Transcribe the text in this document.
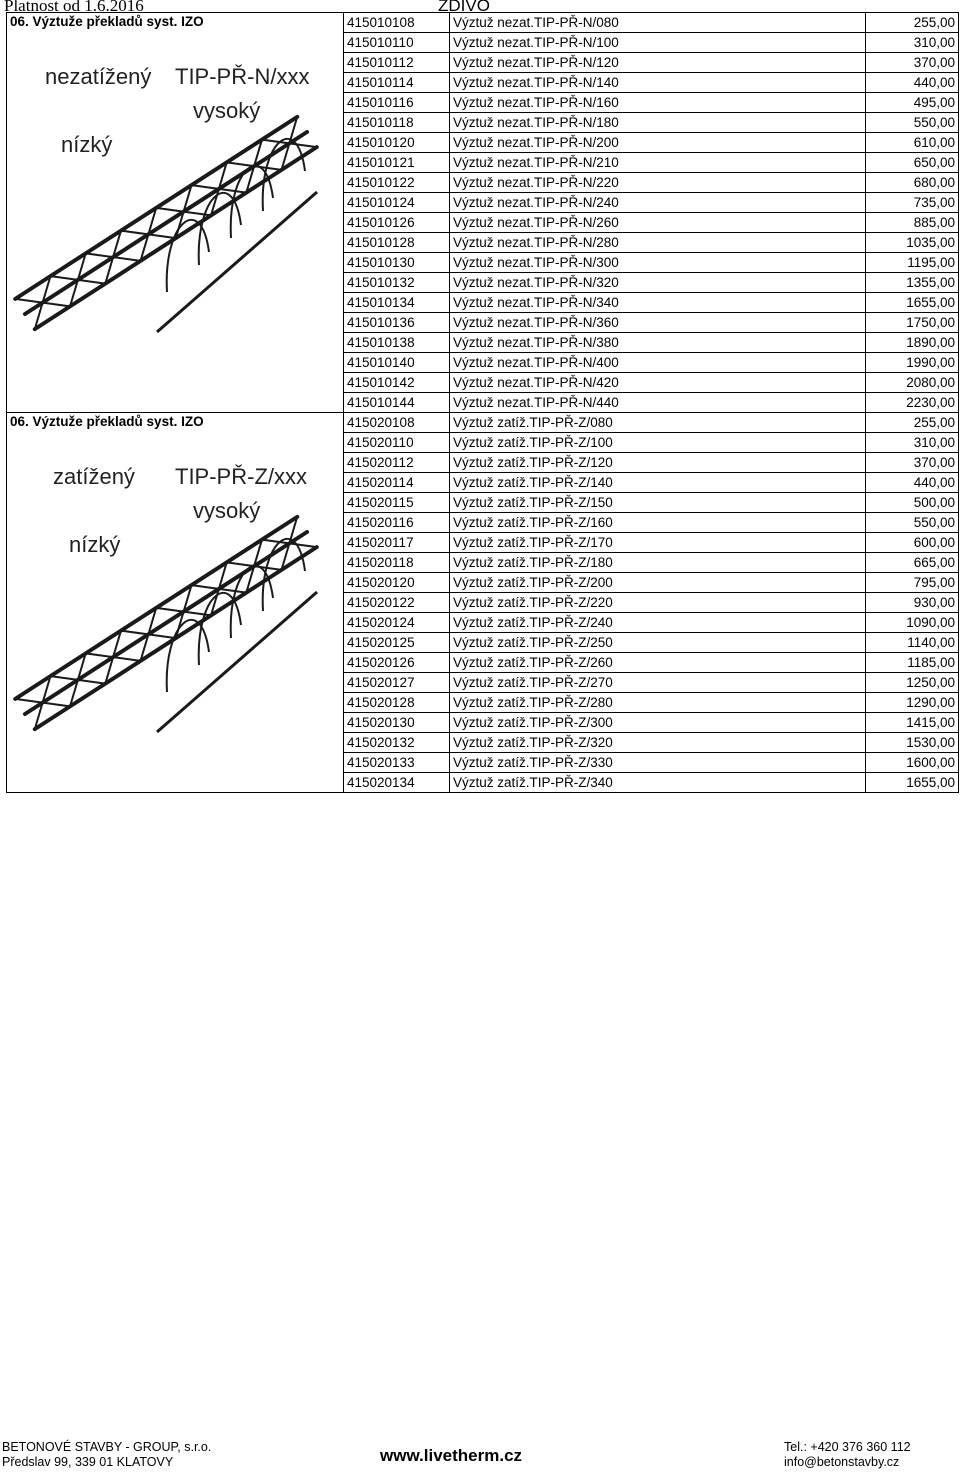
Platnost od 1.6.2016	ZDIVO
06. Výztuže překladů syst. IZO
nezatížený TIP-PŘ-N/xxx
vysoký
nízký	415010108	Výztuž nezat.TIP-PŘ-N/080	255,00
	415010110	Výztuž nezat.TIP-PŘ-N/100	310,00
	415010112	Výztuž nezat.TIP-PŘ-N/120	370,00
	415010114	Výztuž nezat.TIP-PŘ-N/140	440,00
	415010116	Výztuž nezat.TIP-PŘ-N/160	495,00
	415010118	Výztuž nezat.TIP-PŘ-N/180	550,00
	415010120	Výztuž nezat.TIP-PŘ-N/200	610,00
	415010121	Výztuž nezat.TIP-PŘ-N/210	650,00
	415010122	Výztuž nezat.TIP-PŘ-N/220	680,00
	415010124	Výztuž nezat.TIP-PŘ-N/240	735,00
	415010126	Výztuž nezat.TIP-PŘ-N/260	885,00
	415010128	Výztuž nezat.TIP-PŘ-N/280	1035,00
	415010130	Výztuž nezat.TIP-PŘ-N/300	1195,00
	415010132	Výztuž nezat.TIP-PŘ-N/320	1355,00
	415010134	Výztuž nezat.TIP-PŘ-N/340	1655,00
	415010136	Výztuž nezat.TIP-PŘ-N/360	1750,00
	415010138	Výztuž nezat.TIP-PŘ-N/380	1890,00
	415010140	Výztuž nezat.TIP-PŘ-N/400	1990,00
	415010142	Výztuž nezat.TIP-PŘ-N/420	2080,00
	415010144	Výztuž nezat.TIP-PŘ-N/440	2230,00

06. Výztuže překladů syst. IZO
zatížený TIP-PŘ-Z/xxx
vysoký
nízký	415020108	Výztuž zatíž.TIP-PŘ-Z/080	255,00
	415020110	Výztuž zatíž.TIP-PŘ-Z/100	310,00
	415020112	Výztuž zatíž.TIP-PŘ-Z/120	370,00
	415020114	Výztuž zatíž.TIP-PŘ-Z/140	440,00
	415020115	Výztuž zatíž.TIP-PŘ-Z/150	500,00
	415020116	Výztuž zatíž.TIP-PŘ-Z/160	550,00
	415020117	Výztuž zatíž.TIP-PŘ-Z/170	600,00
	415020118	Výztuž zatíž.TIP-PŘ-Z/180	665,00
	415020120	Výztuž zatíž.TIP-PŘ-Z/200	795,00
	415020122	Výztuž zatíž.TIP-PŘ-Z/220	930,00
	415020124	Výztuž zatíž.TIP-PŘ-Z/240	1090,00
	415020125	Výztuž zatíž.TIP-PŘ-Z/250	1140,00
	415020126	Výztuž zatíž.TIP-PŘ-Z/260	1185,00
	415020127	Výztuž zatíž.TIP-PŘ-Z/270	1250,00
	415020128	Výztuž zatíž.TIP-PŘ-Z/280	1290,00
	415020130	Výztuž zatíž.TIP-PŘ-Z/300	1415,00
	415020132	Výztuž zatíž.TIP-PŘ-Z/320	1530,00
	415020133	Výztuž zatíž.TIP-PŘ-Z/330	1600,00
	415020134	Výztuž zatíž.TIP-PŘ-Z/340	1655,00
BETONOVÉ STAVBY - GROUP, s.r.o.
Předslav 99, 339 01 KLATOVY	www.livetherm.cz	Tel.: +420 376 360 112
info@betonstavby.cz
